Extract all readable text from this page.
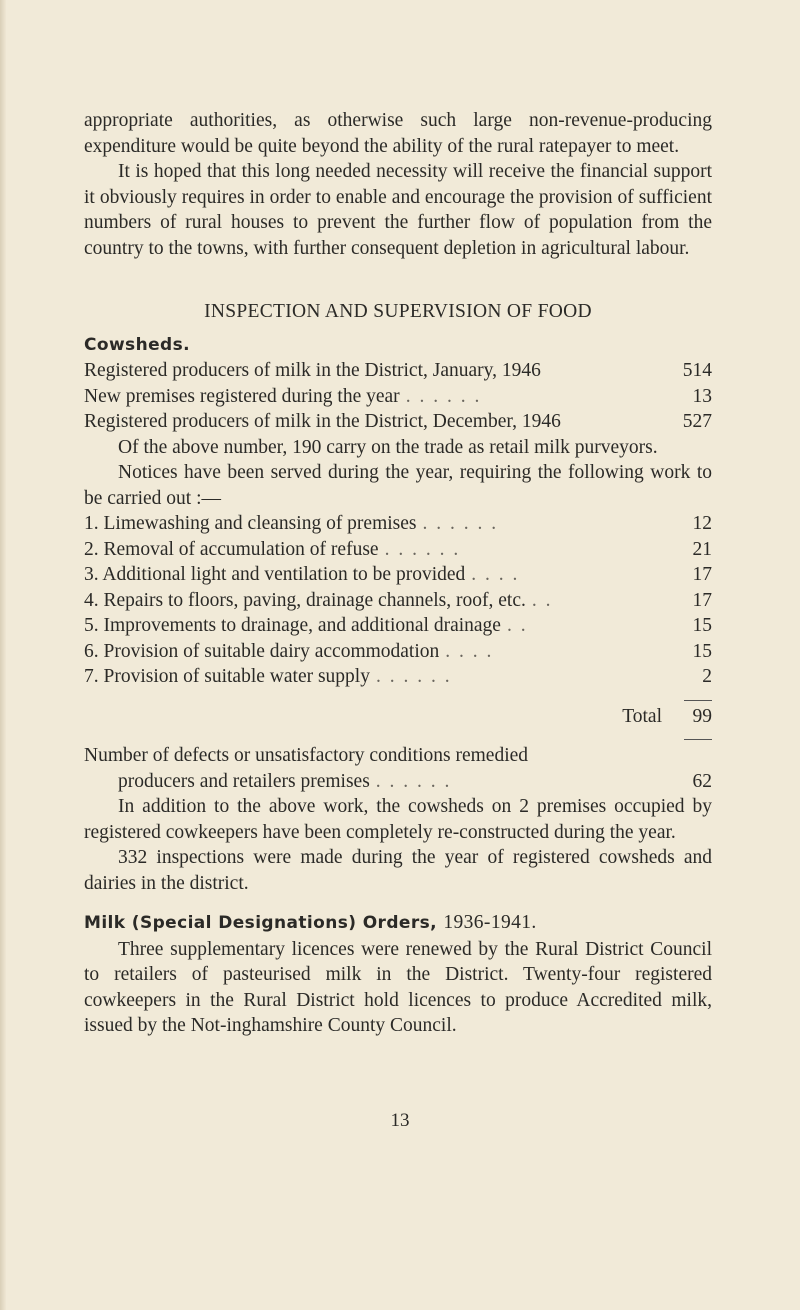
appropriate authorities, as otherwise such large non-revenue-producing expenditure would be quite beyond the ability of the rural ratepayer to meet.

It is hoped that this long needed necessity will receive the financial support it obviously requires in order to enable and encourage the provision of sufficient numbers of rural houses to prevent the further flow of population from the country to the towns, with further consequent depletion in agricultural labour.

INSPECTION AND SUPERVISION OF FOOD

Cowsheds.

Registered producers of milk in the District, January, 1946	514
New premises registered during the year . . . . . .	13
Registered producers of milk in the District, December, 1946	527

Of the above number, 190 carry on the trade as retail milk purveyors.

Notices have been served during the year, requiring the following work to be carried out :—

1. Limewashing and cleansing of premises . . . . . .	12
2. Removal of accumulation of refuse . . . . . .	21
3. Additional light and ventilation to be provided . . . .	17
4. Repairs to floors, paving, drainage channels, roof, etc. . .	17
5. Improvements to drainage, and additional drainage . .	15
6. Provision of suitable dairy accommodation . . . .	15
7. Provision of suitable water supply . . . . . .	2
Total	99

Number of defects or unsatisfactory conditions remedied

producers and retailers premises . . . . . .	62

In addition to the above work, the cowsheds on 2 premises occupied by registered cowkeepers have been completely re-constructed during the year.

332 inspections were made during the year of registered cowsheds and dairies in the district.

Milk (Special Designations) Orders, 1936-1941.

Three supplementary licences were renewed by the Rural District Council to retailers of pasteurised milk in the District. Twenty-four registered cowkeepers in the Rural District hold licences to produce Accredited milk, issued by the Not-inghamshire County Council.

13
